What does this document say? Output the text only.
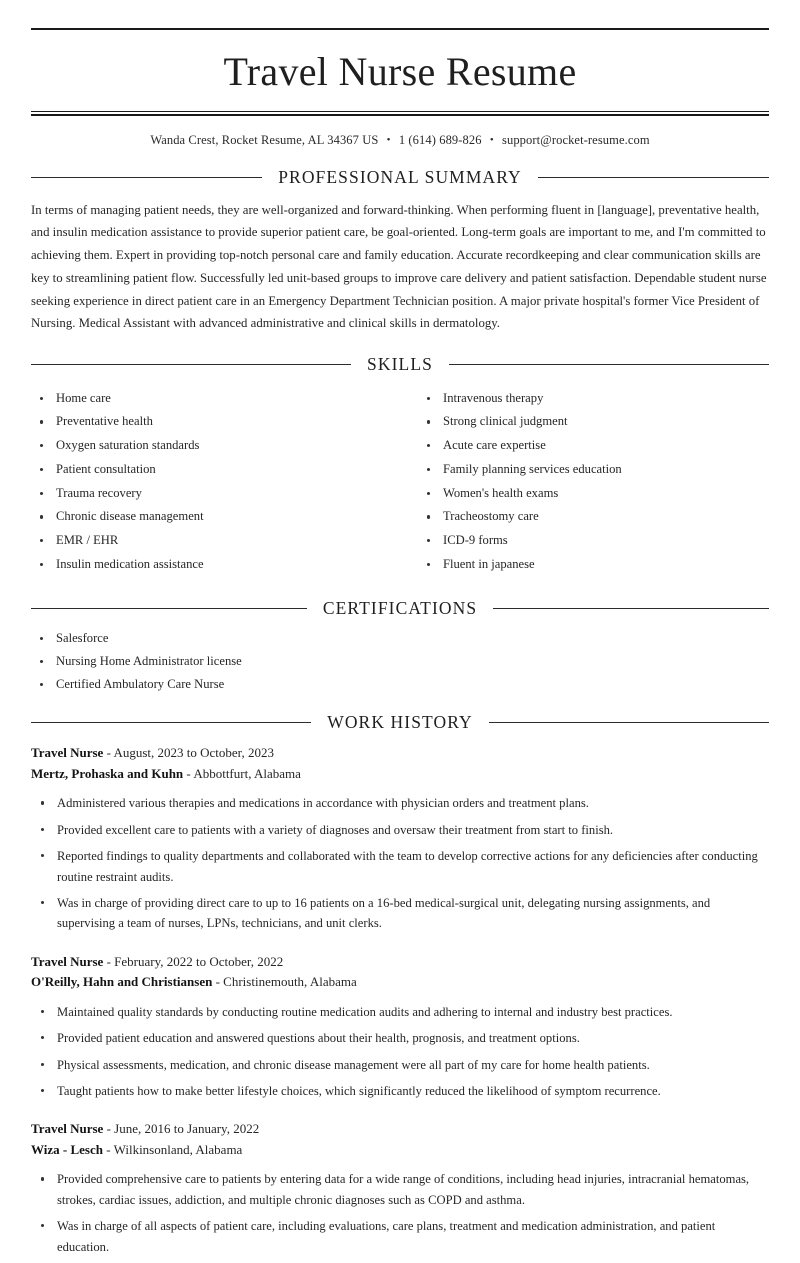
Travel Nurse Resume
Wanda Crest, Rocket Resume, AL 34367 US • 1 (614) 689-826 • support@rocket-resume.com
PROFESSIONAL SUMMARY

In terms of managing patient needs, they are well-organized and forward-thinking. When performing fluent in [language], preventative health, and insulin medication assistance to provide superior patient care, be goal-oriented. Long-term goals are important to me, and I'm committed to achieving them. Expert in providing top-notch personal care and family education. Accurate recordkeeping and clear communication skills are key to streamlining patient flow. Successfully led unit-based groups to improve care delivery and patient satisfaction. Dependable student nurse seeking experience in direct patient care in an Emergency Department Technician position. A major private hospital's former Vice President of Nursing. Medical Assistant with advanced administrative and clinical skills in dermatology.

SKILLS
Home care
Preventative health
Oxygen saturation standards
Patient consultation
Trauma recovery
Chronic disease management
EMR / EHR
Insulin medication assistance
Intravenous therapy
Strong clinical judgment
Acute care expertise
Family planning services education
Women's health exams
Tracheostomy care
ICD-9 forms
Fluent in japanese
CERTIFICATIONS
Salesforce
Nursing Home Administrator license
Certified Ambulatory Care Nurse
WORK HISTORY
Travel Nurse - August, 2023 to October, 2023
Mertz, Prohaska and Kuhn - Abbottfurt, Alabama
Administered various therapies and medications in accordance with physician orders and treatment plans.
Provided excellent care to patients with a variety of diagnoses and oversaw their treatment from start to finish.
Reported findings to quality departments and collaborated with the team to develop corrective actions for any deficiencies after conducting routine restraint audits.
Was in charge of providing direct care to up to 16 patients on a 16-bed medical-surgical unit, delegating nursing assignments, and supervising a team of nurses, LPNs, technicians, and unit clerks.
Travel Nurse - February, 2022 to October, 2022
O'Reilly, Hahn and Christiansen - Christinemouth, Alabama
Maintained quality standards by conducting routine medication audits and adhering to internal and industry best practices.
Provided patient education and answered questions about their health, prognosis, and treatment options.
Physical assessments, medication, and chronic disease management were all part of my care for home health patients.
Taught patients how to make better lifestyle choices, which significantly reduced the likelihood of symptom recurrence.
Travel Nurse - June, 2016 to January, 2022
Wiza - Lesch - Wilkinsonland, Alabama
Provided comprehensive care to patients by entering data for a wide range of conditions, including head injuries, intracranial hematomas, strokes, cardiac issues, addiction, and multiple chronic diagnoses such as COPD and asthma.
Was in charge of all aspects of patient care, including evaluations, care plans, treatment and medication administration, and patient education.
